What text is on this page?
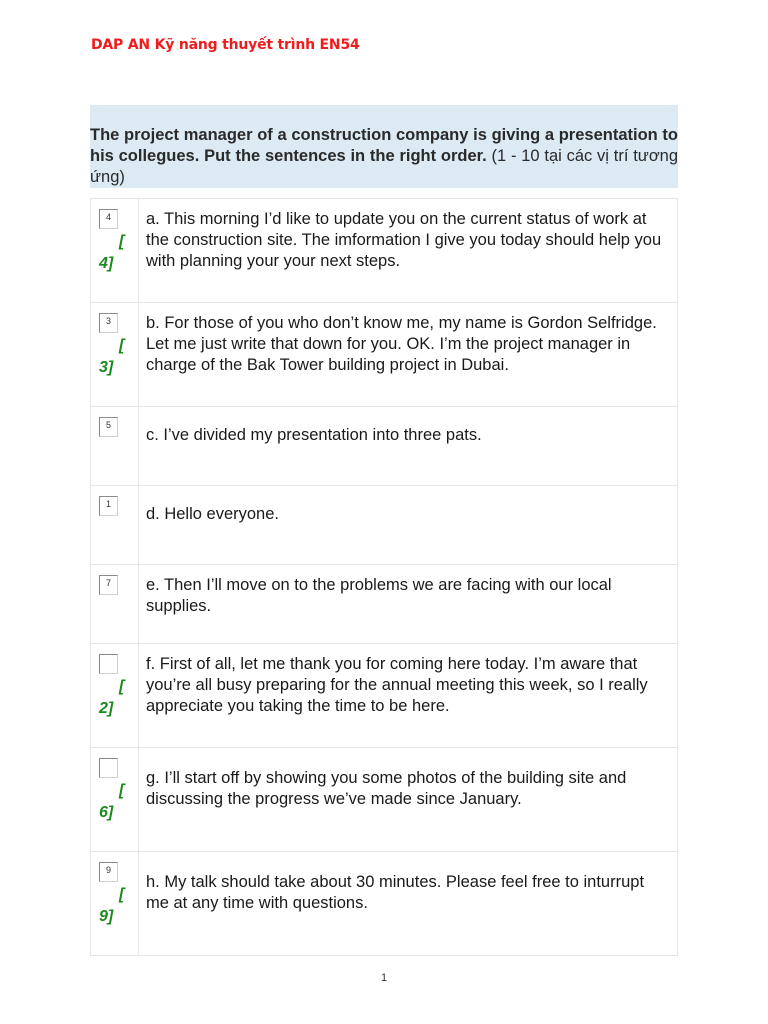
DAP AN Kỹ năng thuyết trình EN54
The project manager of a construction company is giving a presentation to his collegues. Put the sentences in the right order. (1 - 10 tại các vị trí tương ứng)
4
[
4]	a. This morning I’d like to update you on the current status of work at the construction site. The imformation I give you today should help you with planning your your next steps.

3
[
3]	b. For those of you who don’t know me, my name is Gordon Selfridge. Let me just write that down for you. OK. I’m the project manager in charge of the Bak Tower building project in Dubai.

5	c. I’ve divided my presentation into three pats.

1	d. Hello everyone.

7	e. Then I’ll move on to the problems we are facing with our local supplies.

[
2]	f. First of all, let me thank you for coming here today. I’m aware that you’re all busy preparing for the annual meeting this week, so I really appreciate you taking the time to be here.

[
6]	g. I’ll start off by showing you some photos of the building site and discussing the progress we’ve made since January.

9
[
9]	h. My talk should take about 30 minutes. Please feel free to inturrupt me at any time with questions.
1
